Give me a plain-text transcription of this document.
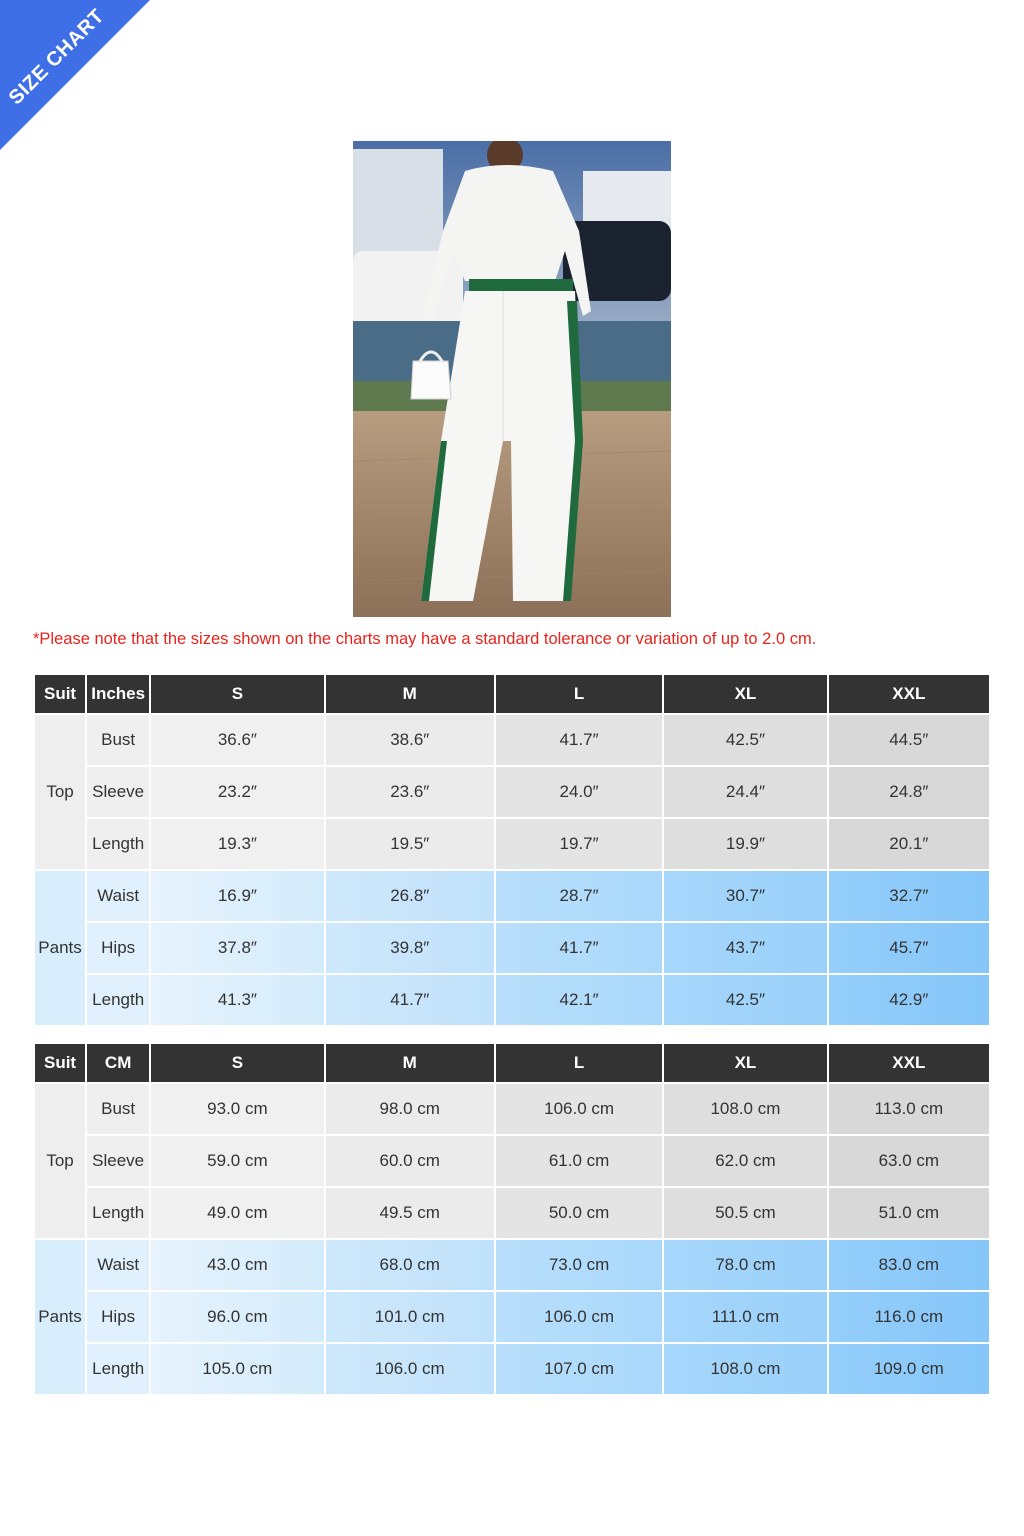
SIZE CHART
*Please note that the sizes shown on the charts may have a standard tolerance or variation of up to 2.0 cm.
Suit	Inches	S	M	L	XL	XXL
Top	Bust	36.6″	38.6″	41.7″	42.5″	44.5″
	Sleeve	23.2″	23.6″	24.0″	24.4″	24.8″
	Length	19.3″	19.5″	19.7″	19.9″	20.1″
Pants	Waist	16.9″	26.8″	28.7″	30.7″	32.7″
	Hips	37.8″	39.8″	41.7″	43.7″	45.7″
	Length	41.3″	41.7″	42.1″	42.5″	42.9″
Suit	CM	S	M	L	XL	XXL
Top	Bust	93.0 cm	98.0 cm	106.0 cm	108.0 cm	113.0 cm
	Sleeve	59.0 cm	60.0 cm	61.0 cm	62.0 cm	63.0 cm
	Length	49.0 cm	49.5 cm	50.0 cm	50.5 cm	51.0 cm
Pants	Waist	43.0 cm	68.0 cm	73.0 cm	78.0 cm	83.0 cm
	Hips	96.0 cm	101.0 cm	106.0 cm	111.0 cm	116.0 cm
	Length	105.0 cm	106.0 cm	107.0 cm	108.0 cm	109.0 cm
